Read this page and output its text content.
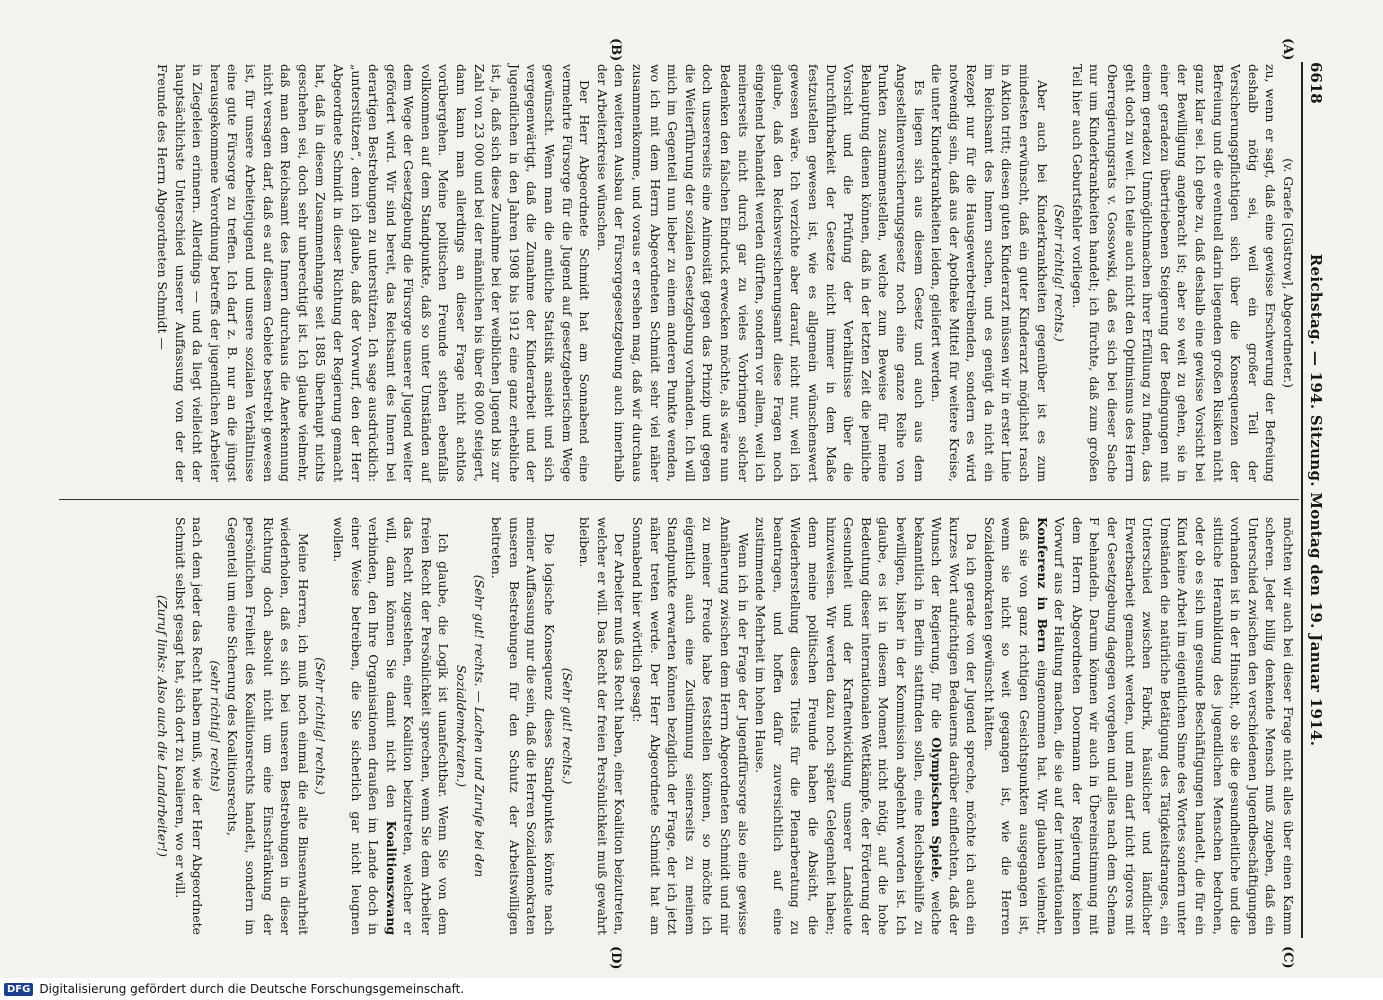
6618
Reichstag. — 194. Sitzung. Montag den 19. Januar 1914.
(A)
(B)
(C)
(D)

(v. Graefe [Güstrow], Abgeordneter.)

zu, wenn er sagt, daß eine gewisse Erschwerung der Befreiung deshalb nötig sei, weil ein großer Teil der Versicherungspflichtigen sich über die Konsequenzen der Befreiung und die eventuell darin liegenden großen Risiken nicht ganz klar sei. Ich gebe zu, daß deshalb eine gewisse Vorsicht bei der Bewilligung angebracht ist; aber so weit zu gehen, sie in einer geradezu übertriebenen Steigerung der Bedingungen mit einem geradezu Unmöglichmachen ihrer Erfüllung zu finden, das geht doch zu weit. Ich teile auch nicht den Optimismus des Herrn Oberregierungsrats v. Gossowski, daß es sich bei dieser Sache nur um Kinderkrankheiten handelt; ich fürchte, daß zum großen Teil hier auch Geburtsfehler vorliegen.

(Sehr richtig! rechts.)

Aber auch bei Kinderkrankheiten gegenüber ist es zum mindesten erwünscht, daß ein guter Kinderarzt möglichst rasch in Aktion tritt; diesen guten Kinderarzt müssen wir in erster Linie im Reichsamt des Innern suchen, und es genügt da nicht ein Rezept nur für die Hausgewerbetreibenden, sondern es wird notwendig sein, daß aus der Apotheke Mittel für weitere Kreise, die unter Kinderkrankheiten leiden, geliefert werden.

Es liegen sich aus diesem Gesetz und auch aus dem Angestelltenversicherungsgesetz noch eine ganze Reihe von Punkten zusammenstellen, welche zum Beweise für meine Behauptung dienen können, daß in der letzten Zeit die peinliche Vorsicht und die Prüfung der Verhältnisse über die Durchführbarkeit der Gesetze nicht immer in dem Maße festzustellen gewesen ist, wie es allgemein wünschenswert gewesen wäre. Ich verzichte aber darauf, nicht nur, weil ich glaube, daß den Reichsversicherungsamt diese Fragen noch eingehend behandelt werden dürften, sondern vor allem, weil ich meinerseits nicht durch gar zu vieles Vorbringen solcher Bedenken den falschen Eindruck erwecken möchte, als wäre nun doch unsererseits eine Animosität gegen das Prinzip und gegen die Weiterführung der sozialen Gesetzgebung vorhanden. Ich will mich im Gegenteil nun lieber zu einem anderen Punkte wenden, wo ich mit dem Herrn Abgeordneten Schmidt sehr viel näher zusammenkomme, und voraus er ersehen mag, daß wir durchaus den weiteren Ausbau der Fürsorgegesetzgebung auch innerhalb der Arbeiterkreise wünschen.

Der Herr Abgeordnete Schmidt hat am Sonnabend eine vermehrte Fürsorge für die Jugend auf gesetzgeberischem Wege gewünscht. Wenn man die amtliche Statistik ansieht und sich vergegenwärtigt, daß die Zunahme der Kinderarbeit und der Jugendlichen in den Jahren 1908 bis 1912 eine ganz erhebliche ist, ja, daß sich diese Zunahme bei der weiblichen Jugend bis zur Zahl von 23 000 und bei der männlichen bis über 68 000 steigert, dann kann man allerdings an dieser Frage nicht achtlos vorübergehen. Meine politischen Freunde stehen ebenfalls vollkommen auf dem Standpunkte, daß so unter Umständen auf dem Wege der Gesetzgebung die Fürsorge unserer Jugend weiter gefördert wird. Wir sind bereit, das Reichsamt des Innern bei derartigen Bestrebungen zu unterstützen. Ich sage ausdrücklich: „unterstützen“, denn ich glaube, daß der Vorwurf, den der Herr Abgeordnete Schmidt in dieser Richtung der Regierung gemacht hat, daß in diesem Zusammenhange seit 1885 überhaupt nichts geschehen sei, doch sehr unberechtigt ist. Ich glaube vielmehr, daß man dem Reichsamt des Innern durchaus die Anerkennung nicht versagen darf, daß es auf diesem Gebiete bestrebt gewesen ist, für unsere Arbeiterjugend und unsere sozialen Verhältnisse eine gute Fürsorge zu treffen. Ich darf z. B. nur an die jüngst herausgekommene Verordnung betreffs der jugendlichen Arbeiter in Ziegeleien erinnern. Allerdings — und da liegt vielleicht der hauptsächlichste Unterschied unserer Auffassung von der der Freunde des Herrn Abgeordneten Schmidt —

möchten wir auch bei dieser Frage nicht alles über einen Kamm scheren. Jeder billig denkende Mensch muß zugeben, daß ein Unterschied zwischen den verschiedenen Jugendbeschäftigungen vorhanden ist in der Hinsicht, ob sie die gesundheitliche und die sittliche Heranbildung des jugendlichen Menschen bedrohen, oder ob es sich um gesunde Beschäftigungen handelt, die für ein Kind keine Arbeit im eigentlichen Sinne des Wortes sondern unter Umständen die natürliche Betätigung des Tätigkeitsdranges, ein Unterschied zwischen Fabrik, häuslicher und ländlicher Erwerbsarbeit gemacht werden, und man darf nicht rigoros mit der Gesetzgebung dagegen vorgehen und alles nach dem Schema F behandeln. Darum können wir auch in Übereinstimmung mit dem Herrn Abgeordneten Doormann der Regierung keinen Vorwurf aus der Haltung machen, die sie auf der internationalen Konferenz in Bern eingenommen hat. Wir glauben vielmehr, daß sie von ganz richtigen Gesichtspunkten ausgegangen ist, wenn sie nicht so weit gegangen ist, wie die Herren Sozialdemokraten gewünscht hätten.

Da ich gerade von der Jugend spreche, möchte ich auch ein kurzes Wort aufrichtigen Bedauerns darüber einflechten, daß der Wunsch der Regierung, für die Olympischen Spiele, welche bekanntlich in Berlin stattfinden sollen, eine Reichsbeihilfe zu bewilligen, bisher in der Kommission abgelehnt worden ist. Ich glaube, es ist in diesem Moment nicht nötig, auf die hohe Bedeutung dieser internationalen Wettkämpfe, der Förderung der Gesundheit und der Kraftentwicklung unserer Landsleute hinzuweisen. Wir werden dazu noch später Gelegenheit haben; denn meine politischen Freunde haben die Absicht, die Wiederherstellung dieses Titels für die Plenarberatung zu beantragen, und hoffen dafür zuversichtlich auf eine zustimmende Mehrheit im hohen Hause.

Wenn ich in der Frage der Jugendfürsorge also eine gewisse Annäherung zwischen dem Herrn Abgeordneten Schmidt und mir zu meiner Freude habe feststellen können, so möchte ich eigentlich auch eine Zustimmung seinerseits zu meinem Standpunkte erwarten können bezüglich der Frage, der ich jetzt näher treten werde. Der Herr Abgeordnete Schmidt hat am Sonnabend hier wörtlich gesagt:

Der Arbeiter muß das Recht haben, einer Koalition beizutreten, welcher er will. Das Recht der freien Persönlichkeit muß gewahrt bleiben.

(Sehr gut! rechts.)

Die logische Konsequenz dieses Standpunktes könnte nach meiner Auffassung nur die sein, daß die Herren Sozialdemokraten unseren Bestrebungen für den Schutz der Arbeitswilligen beitreten.

(Sehr gut! rechts. — Lachen und Zurufe bei den Sozialdemokraten.)

Ich glaube, die Logik ist unanfechtbar. Wenn Sie von dem freien Recht der Persönlichkeit sprechen, wenn Sie dem Arbeiter das Recht zugestehen, einer Koalition beizutreten, welcher er will, dann können Sie damit nicht den Koalitionszwang verbinden, den Ihre Organisationen draußen im Lande doch in einer Weise betreiben, die Sie sicherlich gar nicht leugnen wollen.

(Sehr richtig! rechts.)

Meine Herren, ich muß noch einmal die alte Binsenwahrheit wiederholen, daß es sich bei unseren Bestrebungen in dieser Richtung doch absolut nicht um eine Einschränkung der persönlichen Freiheit des Koalitionsrechts handelt, sondern im Gegenteil um eine Sicherung des Koalitionsrechts,

(sehr richtig! rechts)

nach dem jeder das Recht haben muß, wie der Herr Abgeordnete Schmidt selbst gesagt hat, sich dort zu koalieren, wo er will.

(Zuruf links: Also auch die Landarbeiter!)

DFG Digitalisierung gefördert durch die Deutsche Forschungsgemeinschaft.
